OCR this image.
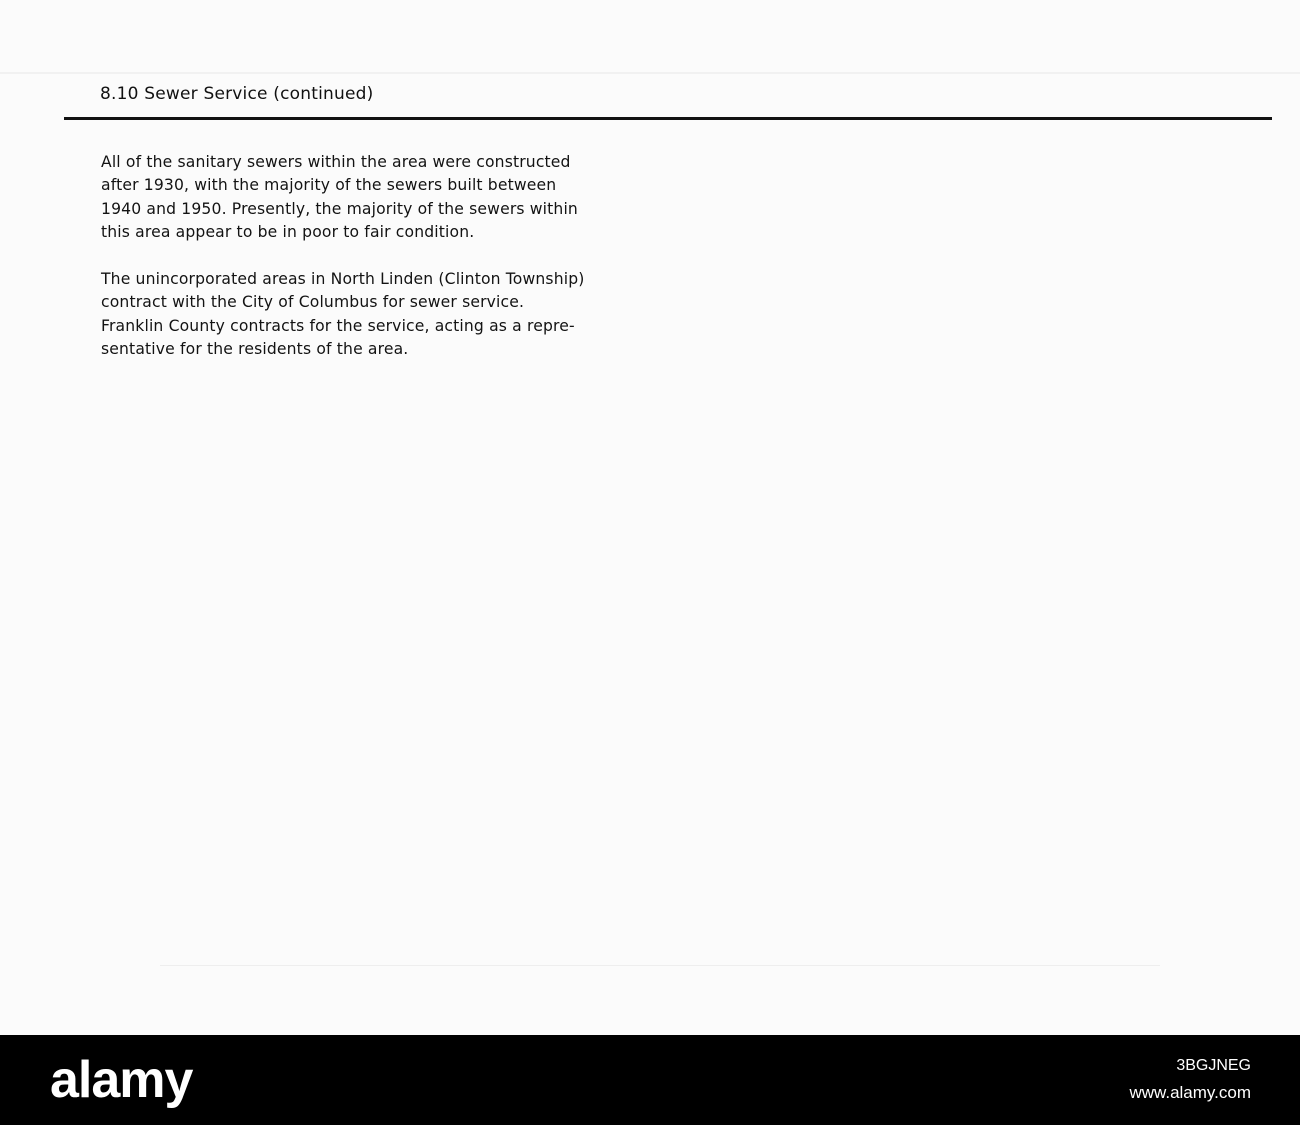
8.10 Sewer Service (continued)

All of the sanitary sewers within the area were constructed
after 1930, with the majority of the sewers built between
1940 and 1950. Presently, the majority of the sewers within
this area appear to be in poor to fair condition.

The unincorporated areas in North Linden (Clinton Township)
contract with the City of Columbus for sewer service.
Franklin County contracts for the service, acting as a repre-
sentative for the residents of the area.

alamy	3BGJNEG
www.alamy.com
